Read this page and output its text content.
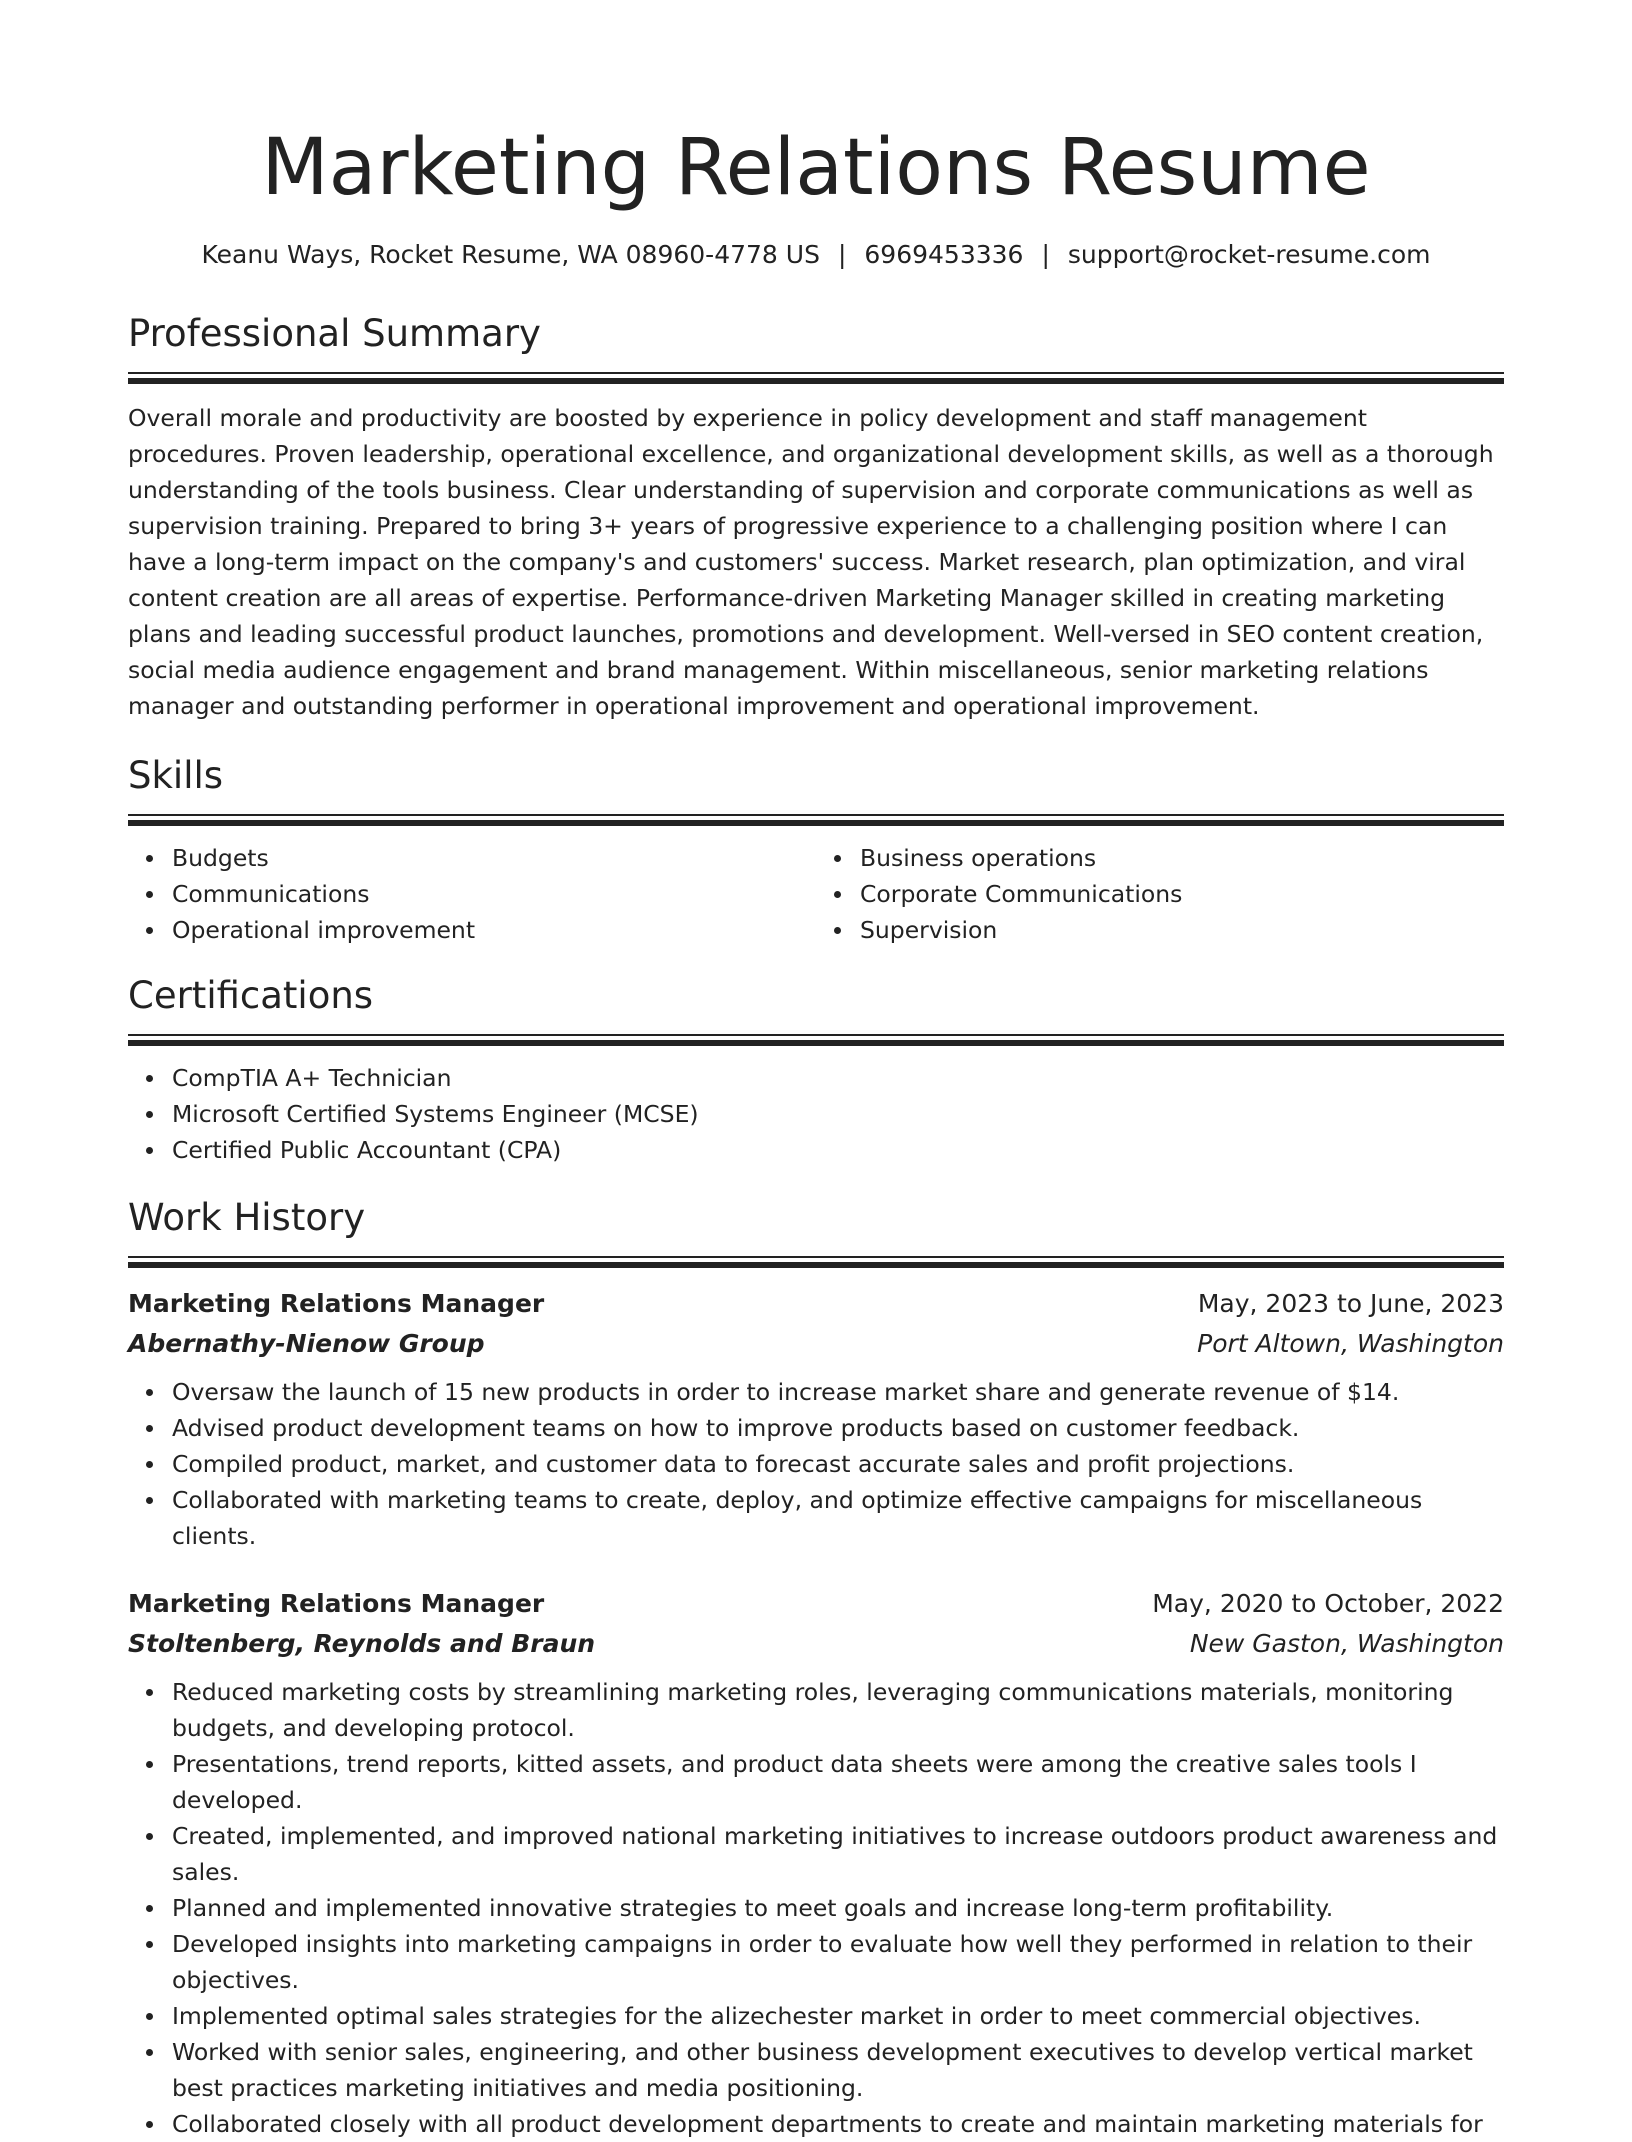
Marketing Relations Resume
Keanu Ways, Rocket Resume, WA 08960-4778 US | 6969453336 | support@rocket-resume.com
Professional Summary

Overall morale and productivity are boosted by experience in policy development and staff management procedures. Proven leadership, operational excellence, and organizational development skills, as well as a thorough understanding of the tools business. Clear understanding of supervision and corporate communications as well as supervision training. Prepared to bring 3+ years of progressive experience to a challenging position where I can have a long-term impact on the company's and customers' success. Market research, plan optimization, and viral content creation are all areas of expertise. Performance-driven Marketing Manager skilled in creating marketing plans and leading successful product launches, promotions and development. Well-versed in SEO content creation, social media audience engagement and brand management. Within miscellaneous, senior marketing relations manager and outstanding performer in operational improvement and operational improvement.

Skills
Budgets
Communications
Operational improvement
Business operations
Corporate Communications
Supervision
Certifications
CompTIA A+ Technician
Microsoft Certified Systems Engineer (MCSE)
Certified Public Accountant (CPA)
Work History
Marketing Relations Manager	May, 2023 to June, 2023
Abernathy-Nienow Group	Port Altown, Washington
Oversaw the launch of 15 new products in order to increase market share and generate revenue of $14.
Advised product development teams on how to improve products based on customer feedback.
Compiled product, market, and customer data to forecast accurate sales and profit projections.
Collaborated with marketing teams to create, deploy, and optimize effective campaigns for miscellaneous clients.
Marketing Relations Manager	May, 2020 to October, 2022
Stoltenberg, Reynolds and Braun	New Gaston, Washington
Reduced marketing costs by streamlining marketing roles, leveraging communications materials, monitoring budgets, and developing protocol.
Presentations, trend reports, kitted assets, and product data sheets were among the creative sales tools I developed.
Created, implemented, and improved national marketing initiatives to increase outdoors product awareness and sales.
Planned and implemented innovative strategies to meet goals and increase long-term profitability.
Developed insights into marketing campaigns in order to evaluate how well they performed in relation to their objectives.
Implemented optimal sales strategies for the alizechester market in order to meet commercial objectives.
Worked with senior sales, engineering, and other business development executives to develop vertical market best practices marketing initiatives and media positioning.
Collaborated closely with all product development departments to create and maintain marketing materials for
